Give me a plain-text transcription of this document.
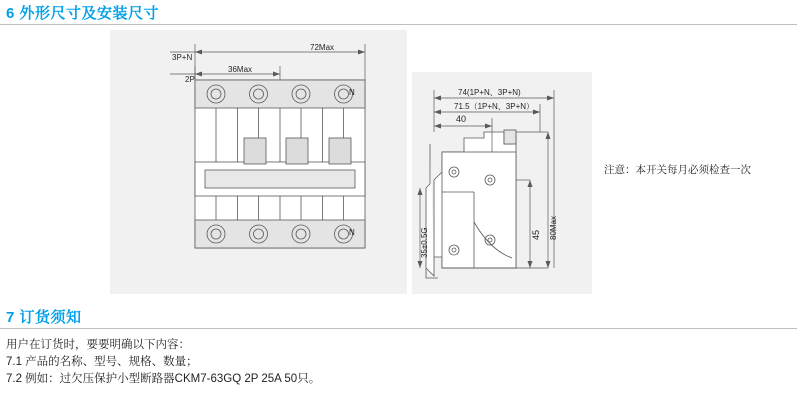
6 外形尺寸及安装尺寸
72Max
36Max
N
N
3P+N
2P
74(1P+N、3P+N)
71.5（1P+N、3P+N）
40
35±0.5G	45 80Max
注意：本开关每月必须检查一次
7 订货须知
用户在订货时，要要明确以下内容：
7.1 产品的名称、型号、规格、数量；
7.2 例如：过欠压保护小型断路器CKM7-63GQ 2P 25A 50只。
